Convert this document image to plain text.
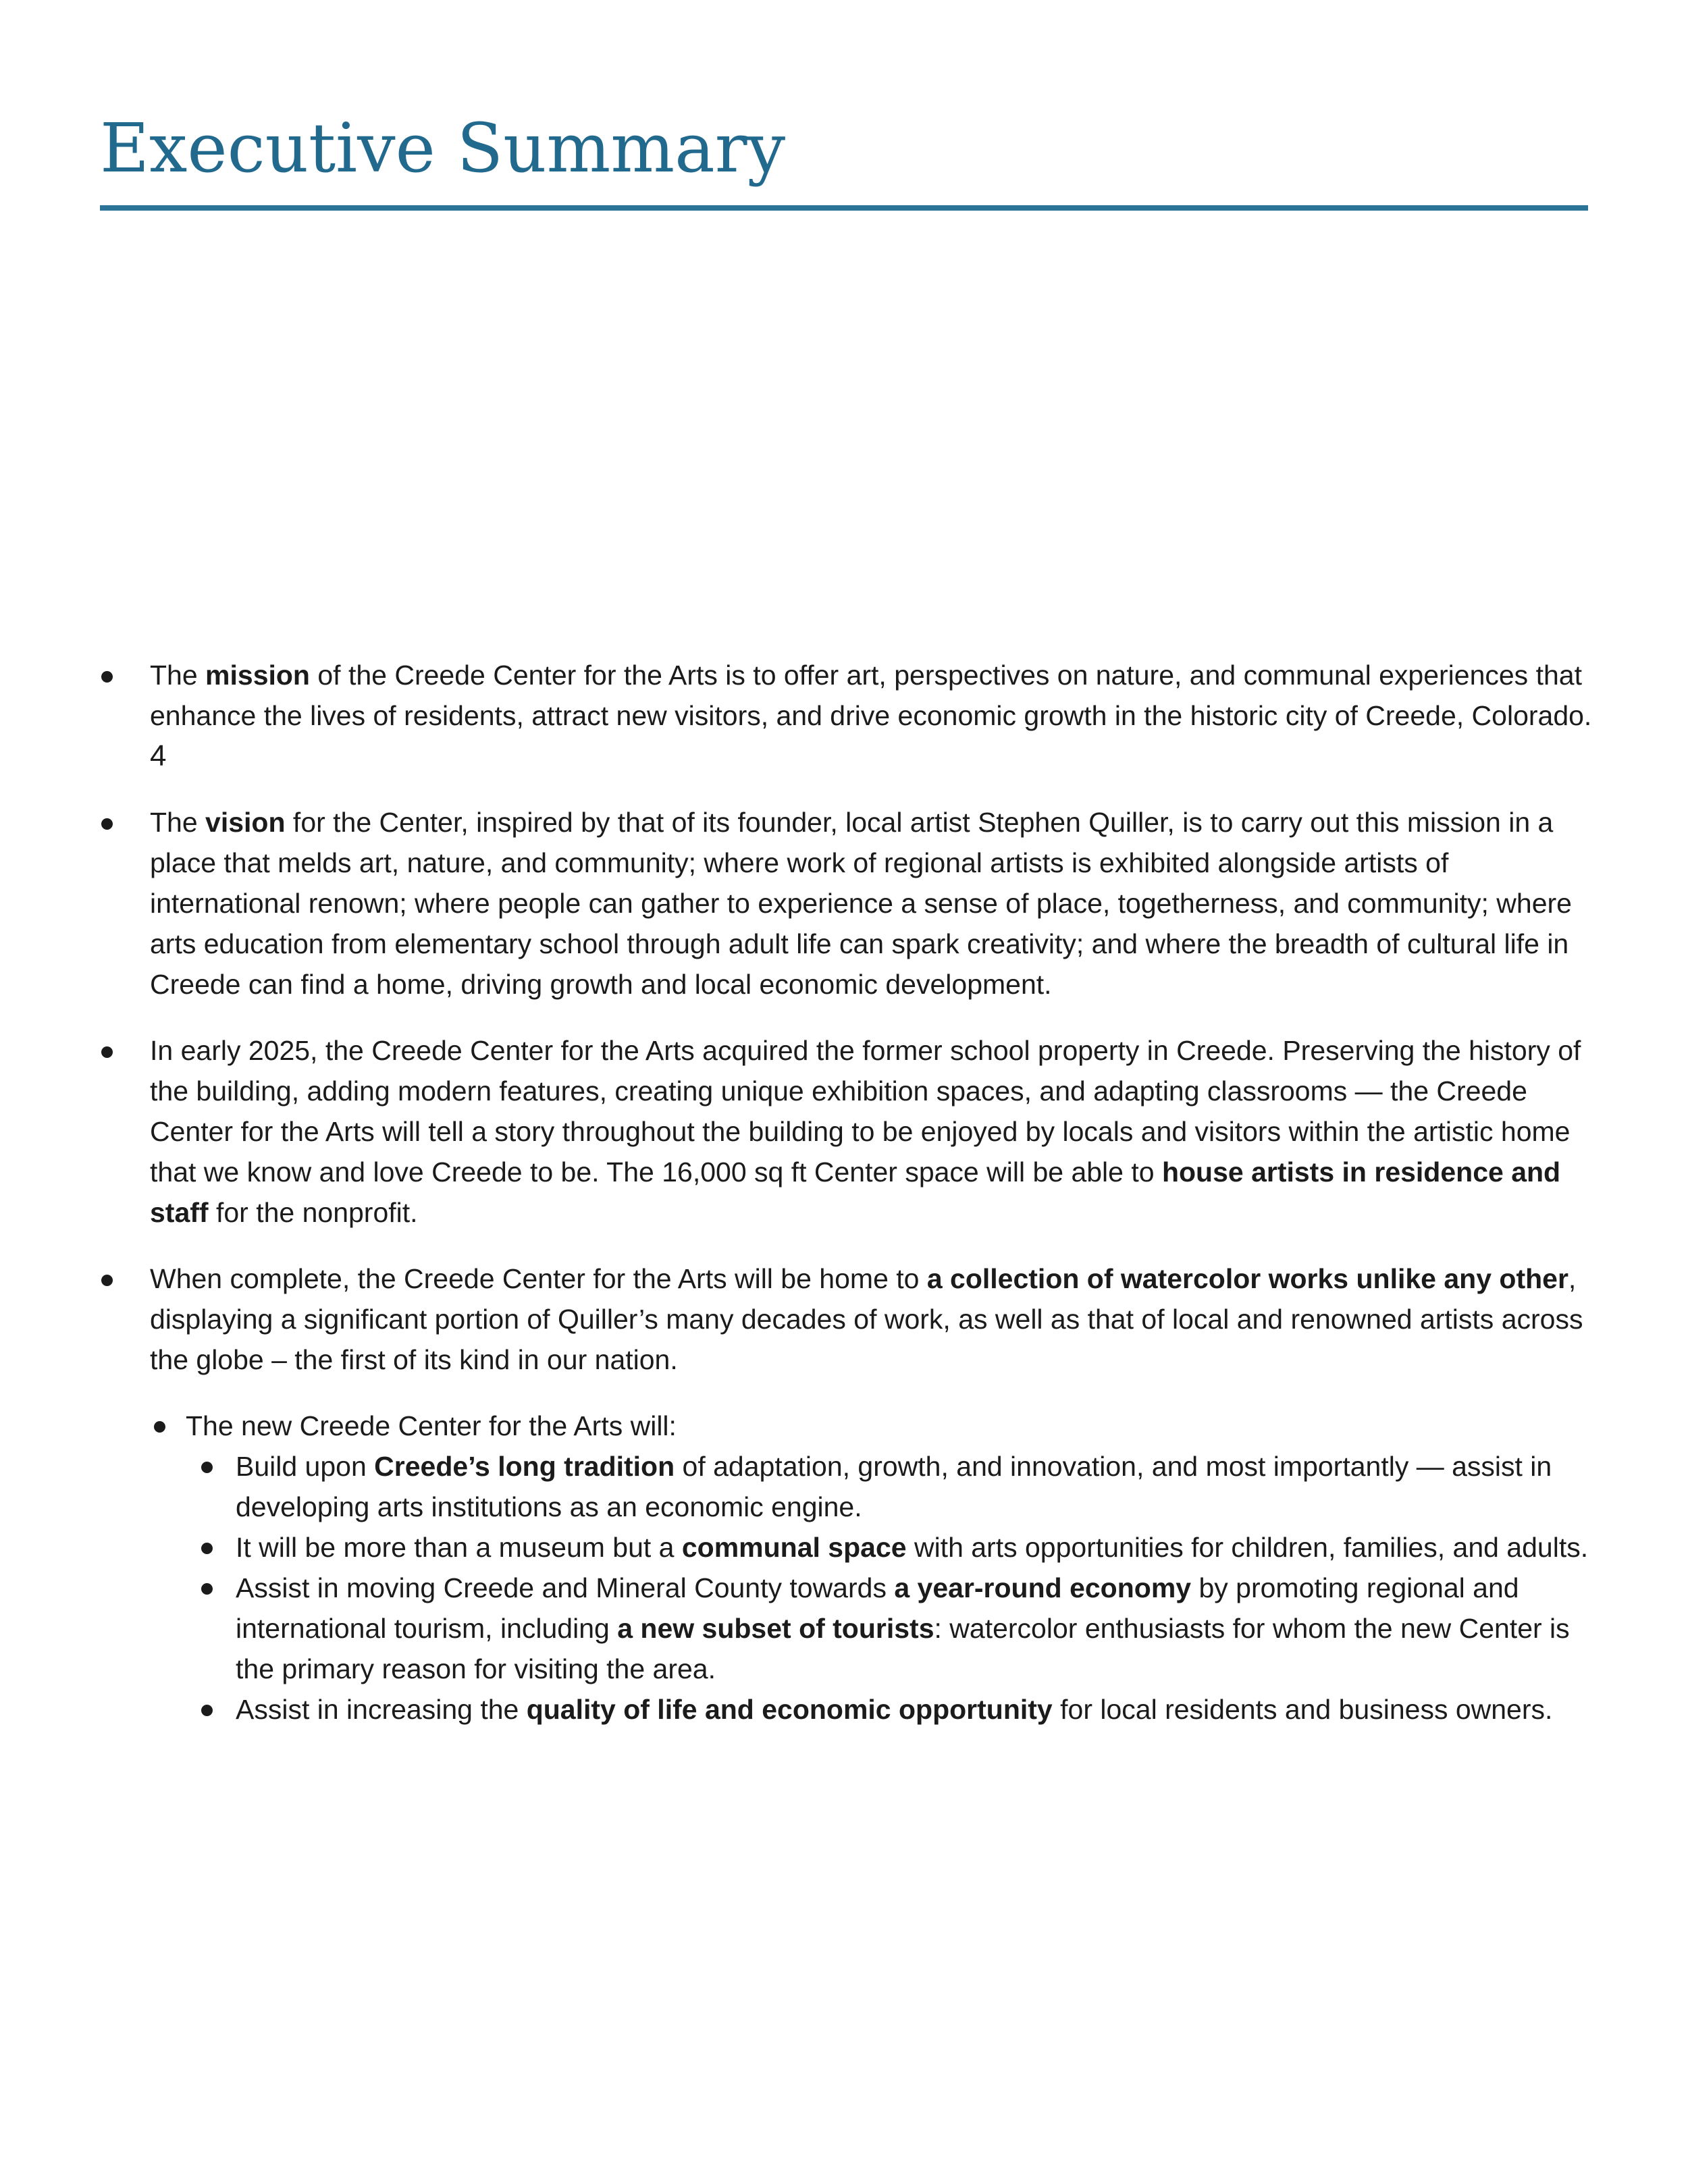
Executive Summary
The mission of the Creede Center for the Arts is to offer art, perspectives on nature, and communal experiences that enhance the lives of residents, attract new visitors, and drive economic growth in the historic city of Creede, Colorado. 4
The vision for the Center, inspired by that of its founder, local artist Stephen Quiller, is to carry out this mission in a place that melds art, nature, and community; where work of regional artists is exhibited alongside artists of international renown; where people can gather to experience a sense of place, togetherness, and community; where arts education from elementary school through adult life can spark creativity; and where the breadth of cultural life in Creede can find a home, driving growth and local economic development.
In early 2025, the Creede Center for the Arts acquired the former school property in Creede. Preserving the history of the building, adding modern features, creating unique exhibition spaces, and adapting classrooms — the Creede Center for the Arts will tell a story throughout the building to be enjoyed by locals and visitors within the artistic home that we know and love Creede to be. The 16,000 sq ft Center space will be able to house artists in residence and staff for the nonprofit.
When complete, the Creede Center for the Arts will be home to a collection of watercolor works unlike any other, displaying a significant portion of Quiller’s many decades of work, as well as that of local and renowned artists across the globe – the first of its kind in our nation.
The new Creede Center for the Arts will:
Build upon Creede’s long tradition of adaptation, growth, and innovation, and most importantly — assist in developing arts institutions as an economic engine.
It will be more than a museum but a communal space with arts opportunities for children, families, and adults.
Assist in moving Creede and Mineral County towards a year-round economy by promoting regional and international tourism, including a new subset of tourists: watercolor enthusiasts for whom the new Center is the primary reason for visiting the area.
Assist in increasing the quality of life and economic opportunity for local residents and business owners.
